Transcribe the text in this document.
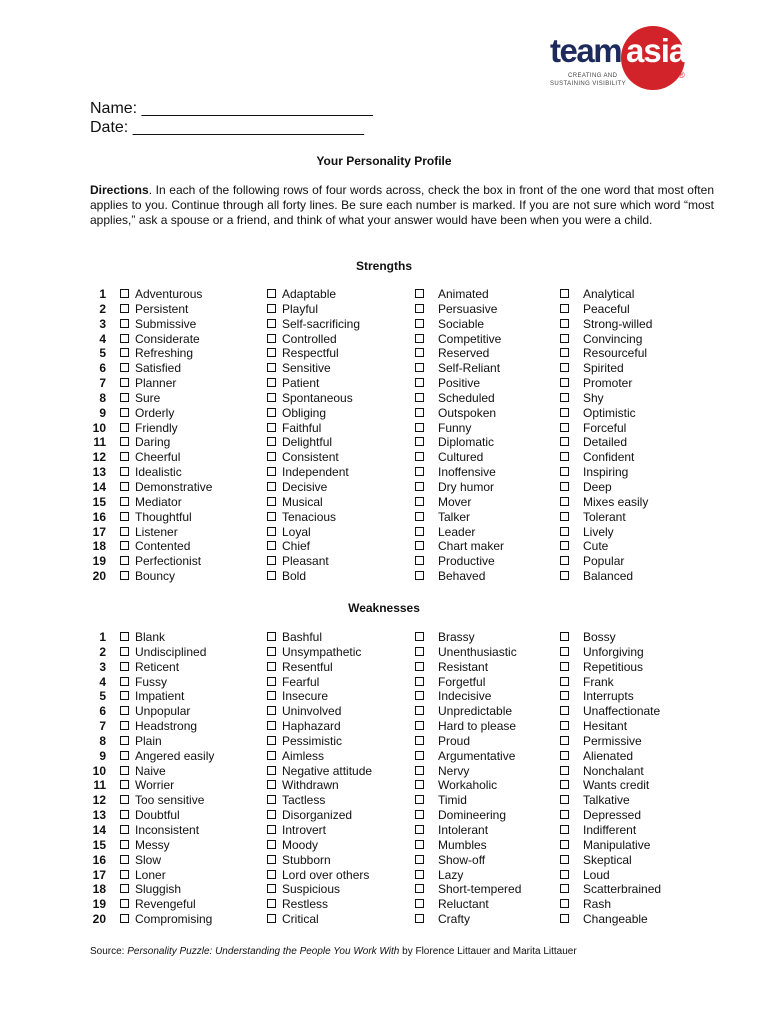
team asia
®
CREATING AND
SUSTAINING VISIBILITY
Name: __________________________
Date: __________________________
Your Personality Profile
Directions. In each of the following rows of four words across, check the box in front of the one word that most often applies to you. Continue through all forty lines. Be sure each number is marked. If you are not sure which word “most applies,” ask a spouse or a friend, and think of what your answer would have been when you were a child.
Strengths
1	Adventurous	Adaptable	Animated	Analytical
2	Persistent	Playful	Persuasive	Peaceful
3	Submissive	Self-sacrificing	Sociable	Strong-willed
4	Considerate	Controlled	Competitive	Convincing
5	Refreshing	Respectful	Reserved	Resourceful
6	Satisfied	Sensitive	Self-Reliant	Spirited
7	Planner	Patient	Positive	Promoter
8	Sure	Spontaneous	Scheduled	Shy
9	Orderly	Obliging	Outspoken	Optimistic
10	Friendly	Faithful	Funny	Forceful
11	Daring	Delightful	Diplomatic	Detailed
12	Cheerful	Consistent	Cultured	Confident
13	Idealistic	Independent	Inoffensive	Inspiring
14	Demonstrative	Decisive	Dry humor	Deep
15	Mediator	Musical	Mover	Mixes easily
16	Thoughtful	Tenacious	Talker	Tolerant
17	Listener	Loyal	Leader	Lively
18	Contented	Chief	Chart maker	Cute
19	Perfectionist	Pleasant	Productive	Popular
20	Bouncy	Bold	Behaved	Balanced
Weaknesses
1	Blank	Bashful	Brassy	Bossy
2	Undisciplined	Unsympathetic	Unenthusiastic	Unforgiving
3	Reticent	Resentful	Resistant	Repetitious
4	Fussy	Fearful	Forgetful	Frank
5	Impatient	Insecure	Indecisive	Interrupts
6	Unpopular	Uninvolved	Unpredictable	Unaffectionate
7	Headstrong	Haphazard	Hard to please	Hesitant
8	Plain	Pessimistic	Proud	Permissive
9	Angered easily	Aimless	Argumentative	Alienated
10	Naive	Negative attitude	Nervy	Nonchalant
11	Worrier	Withdrawn	Workaholic	Wants credit
12	Too sensitive	Tactless	Timid	Talkative
13	Doubtful	Disorganized	Domineering	Depressed
14	Inconsistent	Introvert	Intolerant	Indifferent
15	Messy	Moody	Mumbles	Manipulative
16	Slow	Stubborn	Show-off	Skeptical
17	Loner	Lord over others	Lazy	Loud
18	Sluggish	Suspicious	Short-tempered	Scatterbrained
19	Revengeful	Restless	Reluctant	Rash
20	Compromising	Critical	Crafty	Changeable
Source: Personality Puzzle: Understanding the People You Work With by Florence Littauer and Marita Littauer
